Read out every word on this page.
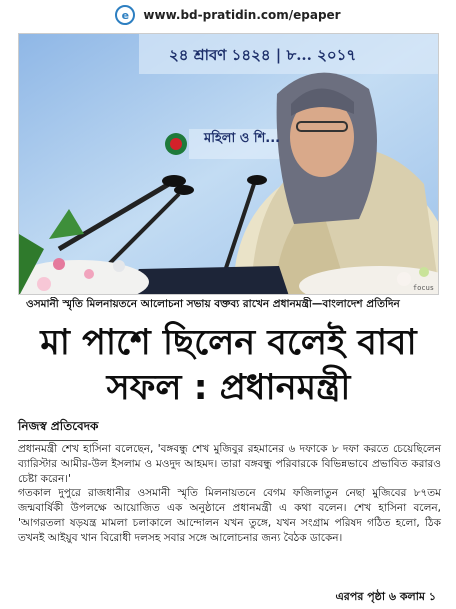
e	www.bd-pratidin.com/epaper
২৪ শ্রাবণ ১৪২৪ | ৮... ২০১৭
মহিলা ও শি...
focus
ওসমানী স্মৃতি মিলনায়তনে আলোচনা সভায় বক্তব্য রাখেন প্রধানমন্ত্রী—বাংলাদেশ প্রতিদিন
মা পাশে ছিলেন বলেই বাবা
সফল : প্রধানমন্ত্রী
নিজস্ব প্রতিবেদক

প্রধানমন্ত্রী শেখ হাসিনা বলেছেন, 'বঙ্গবন্ধু শেখ মুজিবুর রহমানের ৬ দফাকে ৮ দফা করতে চেয়েছিলেন ব্যারিস্টার আমীর-উল ইসলাম ও মওদুদ আহমদ। তারা বঙ্গবন্ধু পরিবারকে বিভিন্নভাবে প্রভাবিত করারও চেষ্টা করেন।'

গতকাল দুপুরে রাজধানীর ওসমানী স্মৃতি মিলনায়তনে বেগম ফজিলাতুন নেছা মুজিবের ৮৭তম জন্মবার্ষিকী উপলক্ষে আয়োজিত এক অনুষ্ঠানে প্রধানমন্ত্রী এ কথা বলেন। শেখ হাসিনা বলেন, 'আগরতলা ষড়যন্ত্র মামলা চলাকালে আন্দোলন যখন তুঙ্গে, যখন সংগ্রাম পরিষদ গঠিত হলো, ঠিক তখনই আইয়ুব খান বিরোধী দলসহ সবার সঙ্গে আলোচনার জন্য বৈঠক ডাকেন।

এরপর পৃষ্ঠা ৬ কলাম ১
